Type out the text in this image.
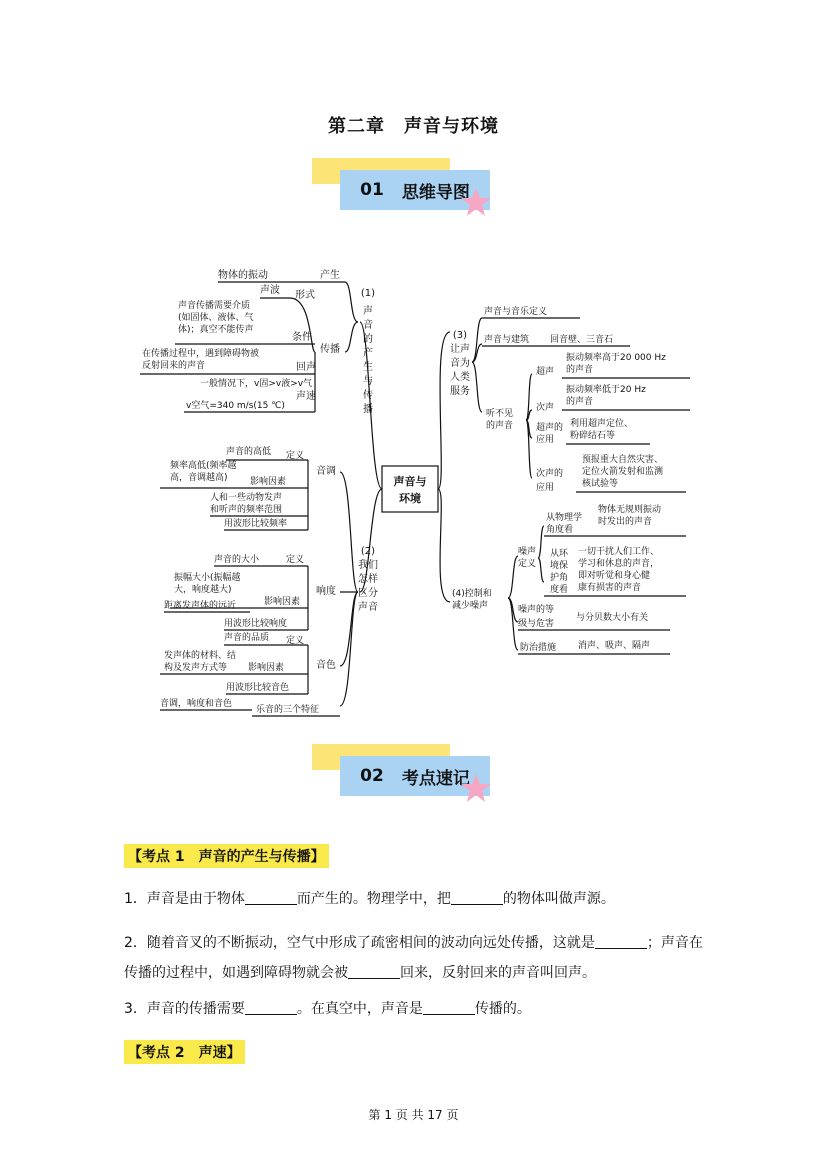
第二章　声音与环境
01 思维导图
声音与
环境
(1)
声
音
的
产
生
与
传
播
物体的振动	产生
声波 形式
传播
声音传播需要介质
(如固体、液体、气
体)；真空不能传声
条件
在传播过程中，遇到障碍物被
反射回来的声音	回声
一般情况下，v固>v液>v气
声速
v空气=340 m/s(15 ℃)
(2)
我们
怎样
区分
声音
音调
声音的高低 定义
频率高低(频率越
高，音调越高) 影响因素
人和一些动物发声
和听声的频率范围
用波形比较频率
响度
声音的大小	定义
振幅大小(振幅越
大，响度越大)
影响因素
距离发声体的远近
用波形比较响度
音色
声音的品质 定义
发声体的材料、结
构及发声方式等 影响因素
用波形比较音色
音调，响度和音色
乐音的三个特征
(3)
让声
音为
人类
服务
声音与音乐定义
声音与建筑 回音壁、三音石
听不见
的声音
超声
振动频率高于20 000 Hz
的声音
次声
振动频率低于20 Hz
的声音
超声的
应用
利用超声定位、
粉碎结石等
次声的
应用
预报重大自然灾害、
定位火箭发射和监测
核试验等
(4)控制和
减少噪声
噪声
定义
从物理学
角度看
物体无规则振动
时发出的声音
从环
境保
护角
度看
一切干扰人们工作、
学习和休息的声音，
即对听觉和身心健
康有损害的声音
噪声的等
级与危害
与分贝数大小有关
防治措施 消声、吸声、隔声
02 考点速记
【考点 1　声音的产生与传播】
1．声音是由于物体	而产生的。物理学中，把	的物体叫做声源。
2．随着音叉的不断振动，空气中形成了疏密相间的波动向远处传播，这就是	；声音在
传播的过程中，如遇到障碍物就会被	回来，反射回来的声音叫回声。
3．声音的传播需要	。在真空中，声音是	传播的。
【考点 2　声速】
第 1 页 共 17 页
